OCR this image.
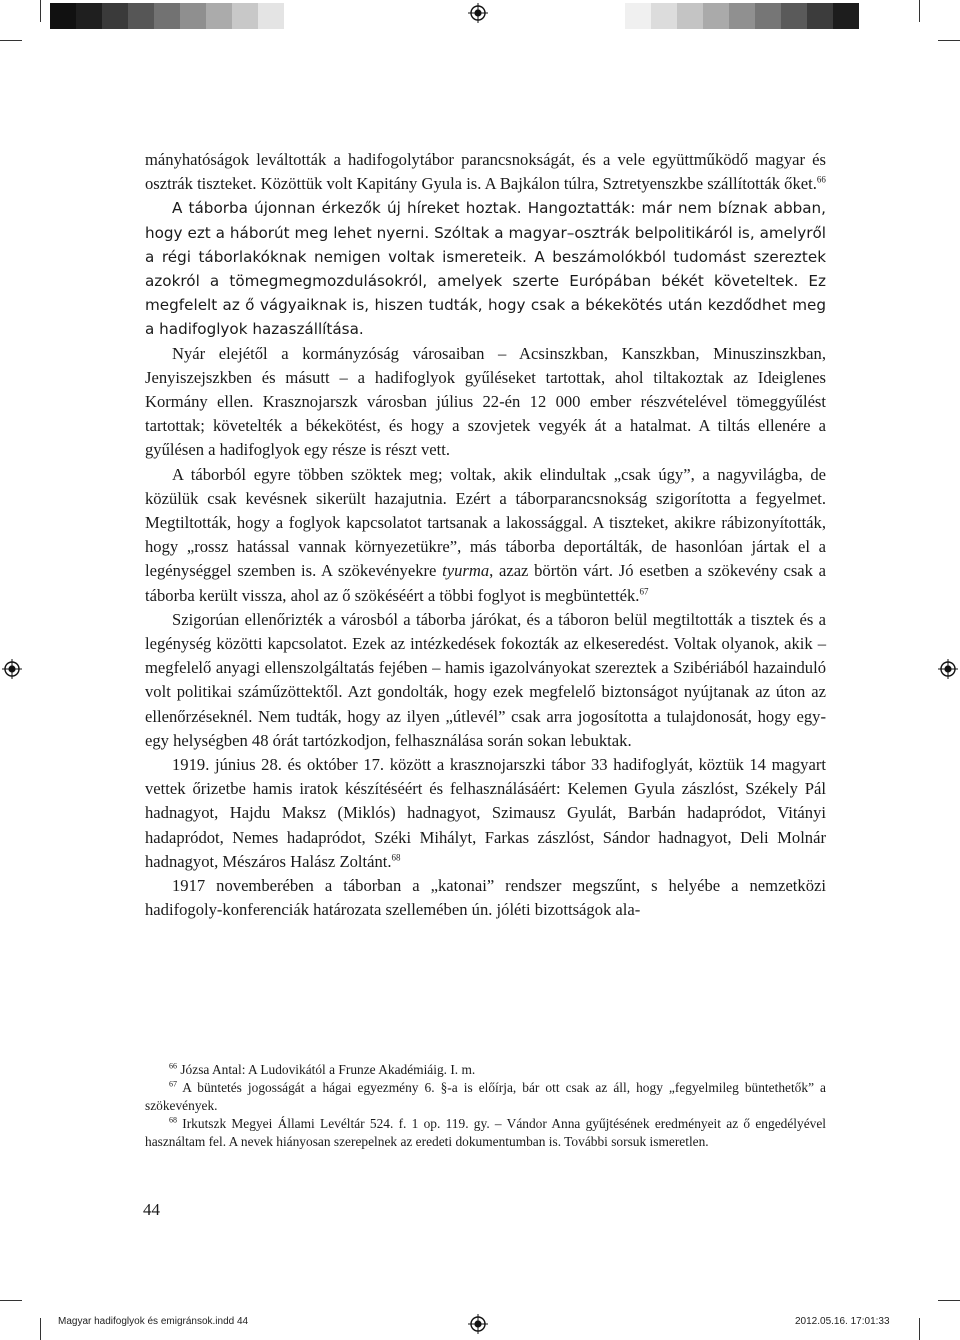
mányhatóságok leváltották a hadifogolytábor parancsnokságát, és a vele együttműködő magyar és osztrák tiszteket. Közöttük volt Kapitány Gyula is. A Bajkálon túlra, Sztretyenszkbe szállították őket.$^{66}$

A táborba újonnan érkezők új híreket hoztak. Hangoztatták: már nem bíznak abban, hogy ezt a háborút meg lehet nyerni. Szóltak a magyar–osztrák belpolitikáról is, amelyről a régi táborlakóknak nemigen voltak ismereteik. A beszámolókból tudomást szereztek azokról a tömegmegmozdulásokról, amelyek szerte Európában békét követeltek. Ez megfelelt az ő vágyaiknak is, hiszen tudták, hogy csak a békekötés után kezdődhet meg a hadifoglyok hazaszállítása.

Nyár elejétől a kormányzóság városaiban – Acsinszkban, Kanszkban, Minuszinszkban, Jenyiszejszkben és másutt – a hadifoglyok gyűléseket tartottak, ahol tiltakoztak az Ideiglenes Kormány ellen. Krasznojarszk városban július 22-én 12 000 ember részvételével tömeggyűlést tartottak; követelték a békekötést, és hogy a szovjetek vegyék át a hatalmat. A tiltás ellenére a gyűlésen a hadifoglyok egy része is részt vett.

A táborból egyre többen szöktek meg; voltak, akik elindultak „csak úgy”, a nagyvilágba, de közülük csak kevésnek sikerült hazajutnia. Ezért a táborparancsnokság szigorította a fegyelmet. Megtiltották, hogy a foglyok kapcsolatot tartsanak a lakossággal. A tiszteket, akikre rábizonyították, hogy „rossz hatással vannak környezetükre”, más táborba deportálták, de hasonlóan jártak el a legénységgel szemben is. A szökevényekre tyurma, azaz börtön várt. Jó esetben a szökevény csak a táborba került vissza, ahol az ő szökéséért a többi foglyot is megbüntették.$^{67}$

Szigorúan ellenőrizték a városból a táborba járókat, és a táboron belül megtiltották a tisztek és a legénység közötti kapcsolatot. Ezek az intézkedések fokozták az elkeseredést. Voltak olyanok, akik – megfelelő anyagi ellenszolgáltatás fejében – hamis igazolványokat szereztek a Szibériából hazainduló volt politikai száműzöttektől. Azt gondolták, hogy ezek megfelelő biztonságot nyújtanak az úton az ellenőrzéseknél. Nem tudták, hogy az ilyen „útlevél” csak arra jogosította a tulajdonosát, hogy egy-egy helységben 48 órát tartózkodjon, felhasználása során sokan lebuktak.

1919. június 28. és október 17. között a krasznojarszki tábor 33 hadifoglyát, köztük 14 magyart vettek őrizetbe hamis iratok készítéséért és felhasználásáért: Kelemen Gyula zászlóst, Székely Pál hadnagyot, Hajdu Maksz (Miklós) hadnagyot, Szimausz Gyulát, Barbán hadapródot, Vitányi hadapródot, Nemes hadapródot, Széki Mihályt, Farkas zászlóst, Sándor hadnagyot, Deli Molnár hadnagyot, Mészáros Halász Zoltánt.$^{68}$

1917 novemberében a táborban a „katonai” rendszer megszűnt, s helyébe a nemzetközi hadifogoly-konferenciák határozata szellemében ún. jóléti bizottságok ala-

$^{66}$ Józsa Antal: A Ludovikától a Frunze Akadémiáig. I. m.

$^{67}$ A büntetés jogosságát a hágai egyezmény 6. §-a is előírja, bár ott csak az áll, hogy „fegyelmileg büntethetők” a szökevények.

$^{68}$ Irkutszk Megyei Állami Levéltár 524. f. 1 op. 119. gy. – Vándor Anna gyűjtésének eredményeit az ő engedélyével használtam fel. A nevek hiányosan szerepelnek az eredeti dokumentumban is. További sorsuk ismeretlen.

44
Magyar hadifoglyok és emigránsok.indd 44	2012.05.16. 17:01:33
